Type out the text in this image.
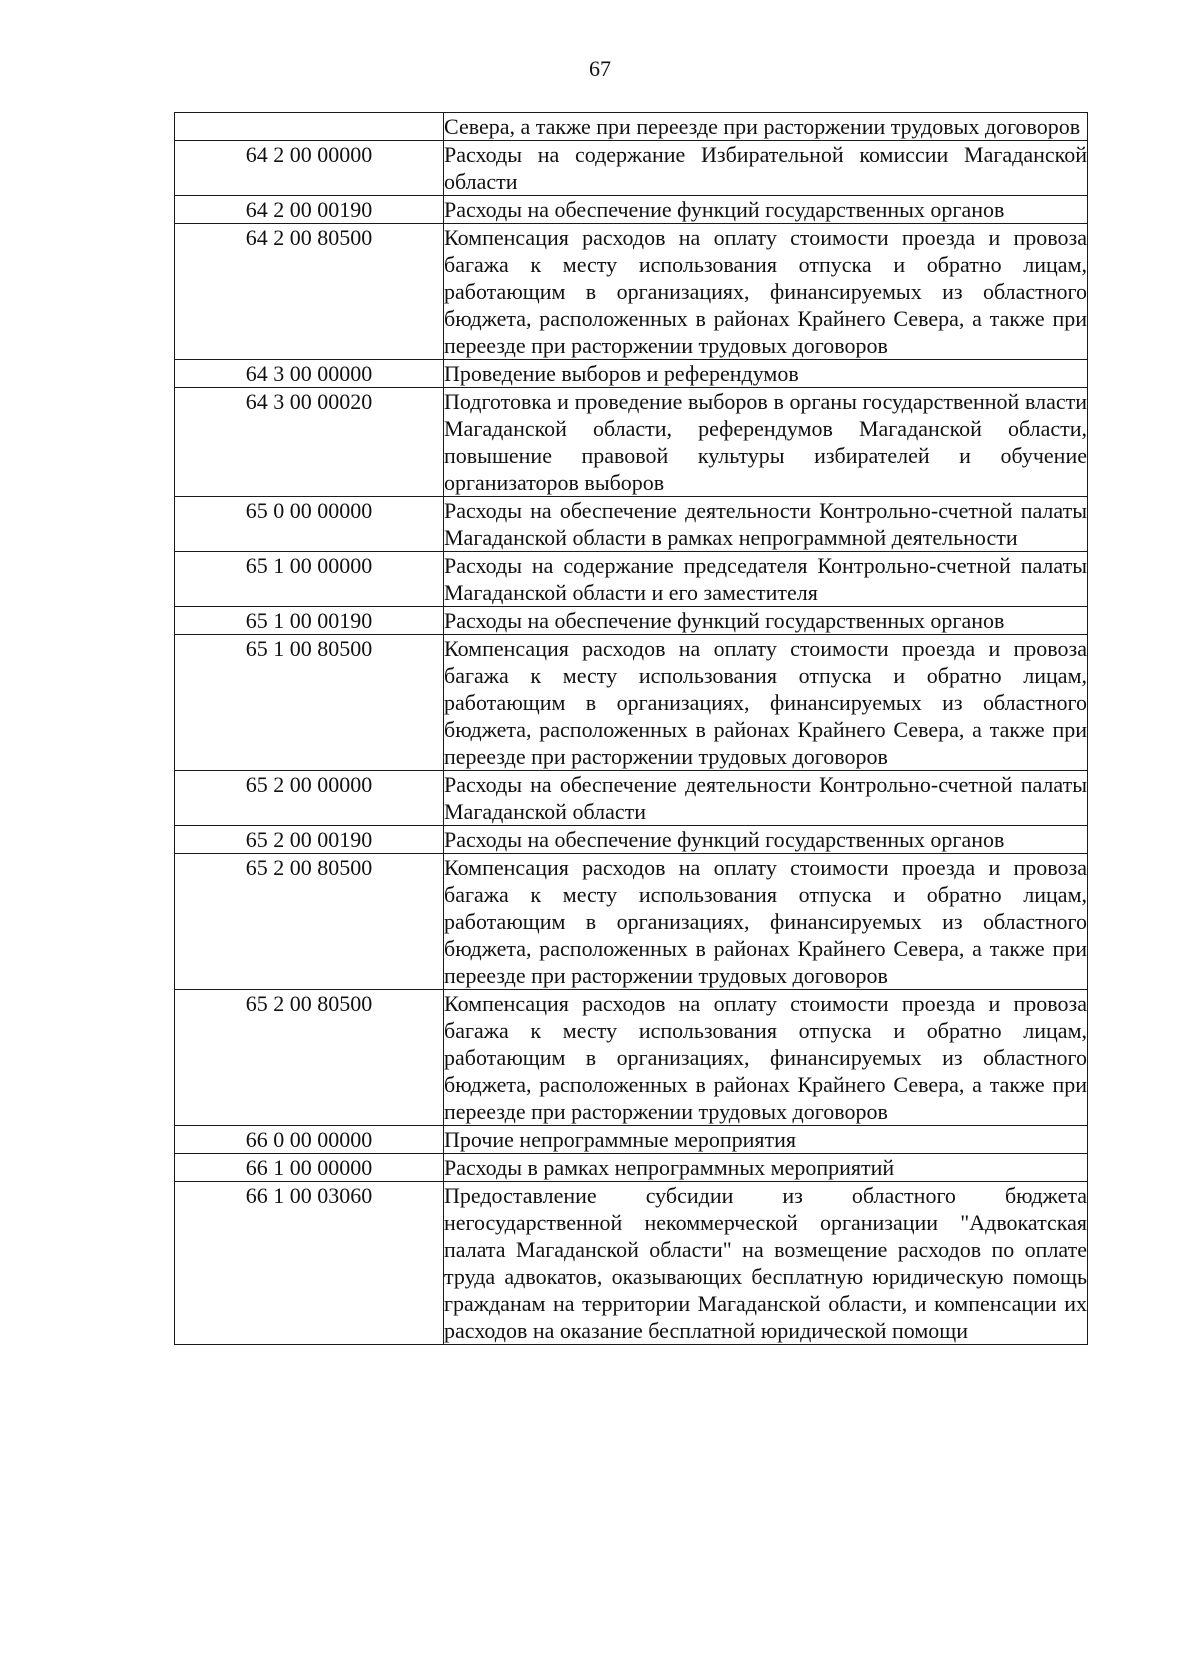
67
	Севера, а также при переезде при расторжении трудовых договоров
64 2 00 00000	Расходы на содержание Избирательной комиссии Магаданской области
64 2 00 00190	Расходы на обеспечение функций государственных органов
64 2 00 80500	Компенсация расходов на оплату стоимости проезда и провоза багажа к месту использования отпуска и обратно лицам, работающим в организациях, финансируемых из областного бюджета, расположенных в районах Крайнего Севера, а также при переезде при расторжении трудовых договоров
64 3 00 00000	Проведение выборов и референдумов
64 3 00 00020	Подготовка и проведение выборов в органы государственной власти Магаданской области, референдумов Магаданской области, повышение правовой культуры избирателей и обучение организаторов выборов
65 0 00 00000	Расходы на обеспечение деятельности Контрольно-счетной палаты Магаданской области в рамках непрограммной деятельности
65 1 00 00000	Расходы на содержание председателя Контрольно-счетной палаты Магаданской области и его заместителя
65 1 00 00190	Расходы на обеспечение функций государственных органов
65 1 00 80500	Компенсация расходов на оплату стоимости проезда и провоза багажа к месту использования отпуска и обратно лицам, работающим в организациях, финансируемых из областного бюджета, расположенных в районах Крайнего Севера, а также при переезде при расторжении трудовых договоров
65 2 00 00000	Расходы на обеспечение деятельности Контрольно-счетной палаты Магаданской области
65 2 00 00190	Расходы на обеспечение функций государственных органов
65 2 00 80500	Компенсация расходов на оплату стоимости проезда и провоза багажа к месту использования отпуска и обратно лицам, работающим в организациях, финансируемых из областного бюджета, расположенных в районах Крайнего Севера, а также при переезде при расторжении трудовых договоров
65 2 00 80500	Компенсация расходов на оплату стоимости проезда и провоза багажа к месту использования отпуска и обратно лицам, работающим в организациях, финансируемых из областного бюджета, расположенных в районах Крайнего Севера, а также при переезде при расторжении трудовых договоров
66 0 00 00000	Прочие непрограммные мероприятия
66 1 00 00000	Расходы в рамках непрограммных мероприятий
66 1 00 03060	Предоставление субсидии из областного бюджета негосударственной некоммерческой организации "Адвокатская палата Магаданской области" на возмещение расходов по оплате труда адвокатов, оказывающих бесплатную юридическую помощь гражданам на территории Магаданской области, и компенсации их расходов на оказание бесплатной юридической помощи
